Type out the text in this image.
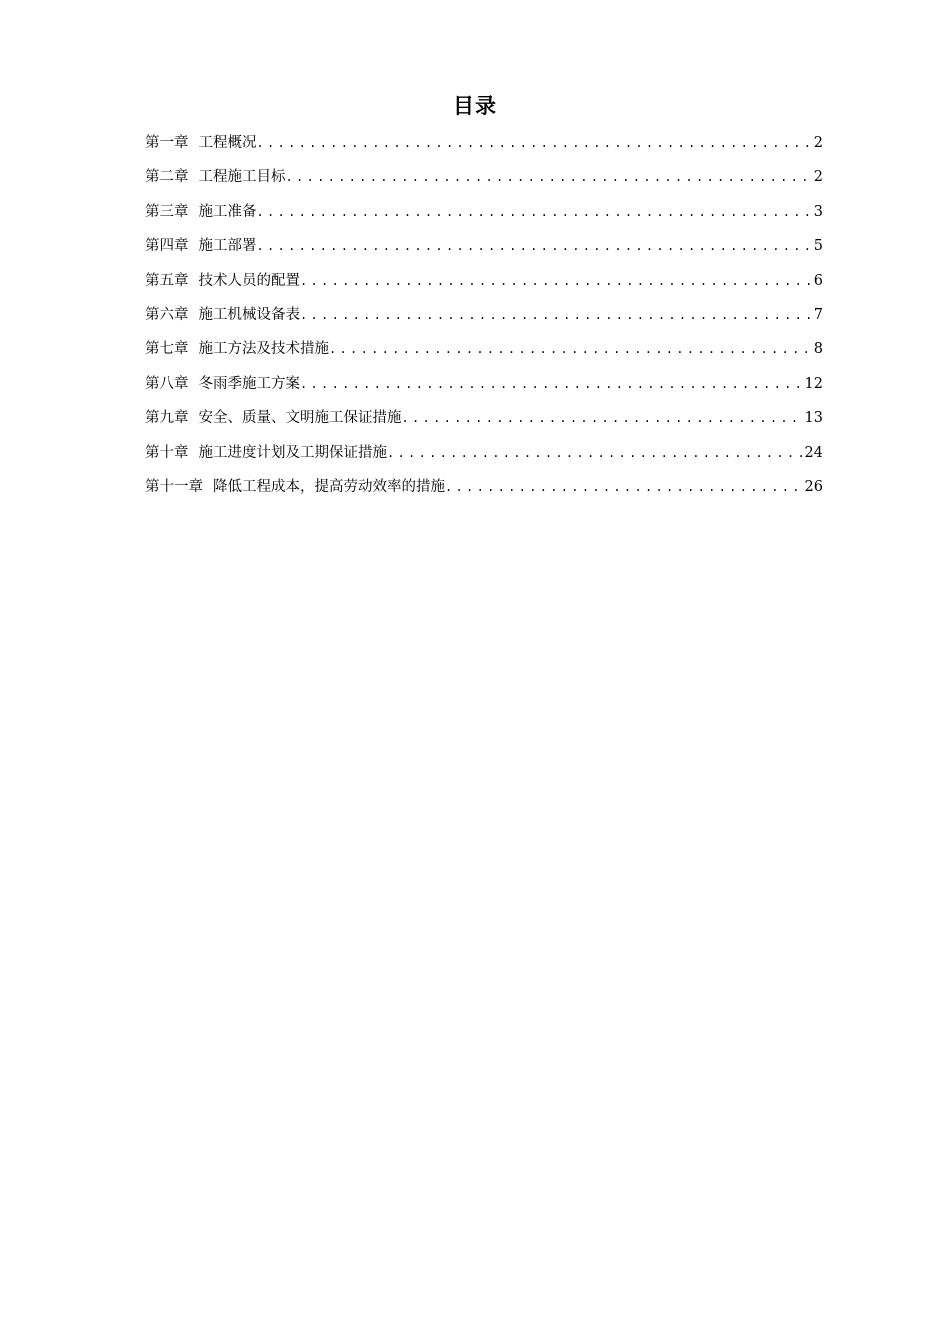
目录
第一章 工程概况 .....	2
第二章 工程施工目标 .....	2
第三章 施工准备 .....	3
第四章 施工部署 .....	5
第五章 技术人员的配置 .....	6
第六章 施工机械设备表 .....	7
第七章 施工方法及技术措施 .....	8
第八章 冬雨季施工方案 .....	12
第九章 安全、质量、文明施工保证措施 .....	13
第十章 施工进度计划及工期保证措施 .....	24
第十一章 降低工程成本，提高劳动效率的措施 .....	26
